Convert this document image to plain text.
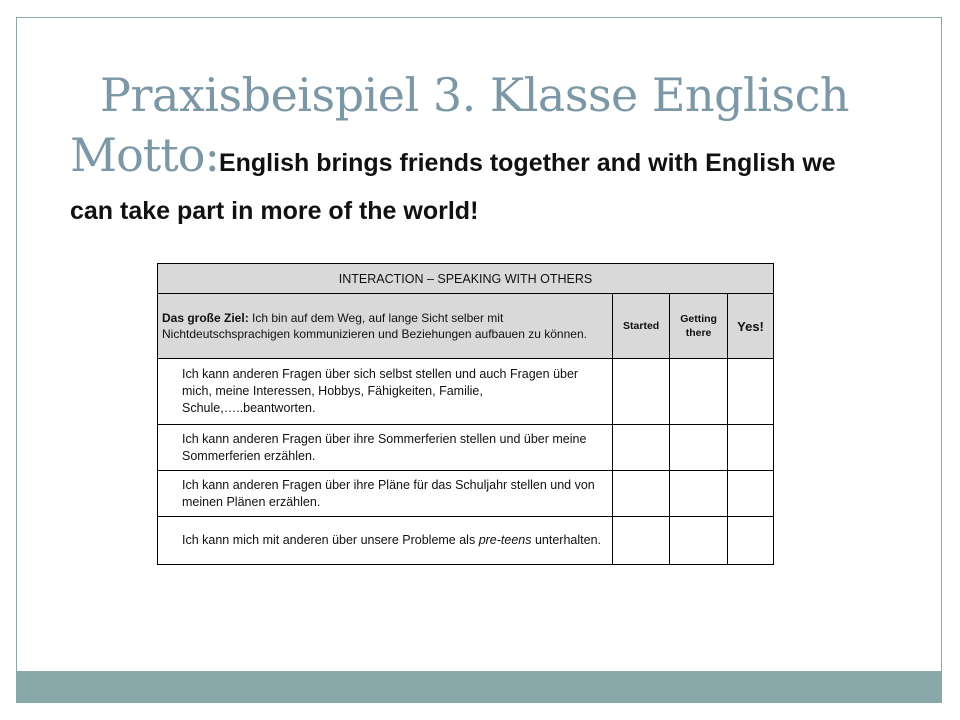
Praxisbeispiel 3. Klasse Englisch
Motto:English brings friends together and with English we can take part in more of the world!
INTERACTION – SPEAKING WITH OTHERS			
Das große Ziel: Ich bin auf dem Weg, auf lange Sicht selber mit Nichtdeutschsprachigen kommunizieren und Beziehungen aufbauen zu können.	Started	Getting there	Yes!
Ich kann anderen Fragen über sich selbst stellen und auch Fragen über mich, meine Interessen, Hobbys, Fähigkeiten, Familie, Schule,…..beantworten.			
Ich kann anderen Fragen über ihre Sommerferien stellen und über meine Sommerferien erzählen.			
Ich kann anderen Fragen über ihre Pläne für das Schuljahr stellen und von meinen Plänen erzählen.			
Ich kann mich mit anderen über unsere Probleme als pre-teens unterhalten.			
